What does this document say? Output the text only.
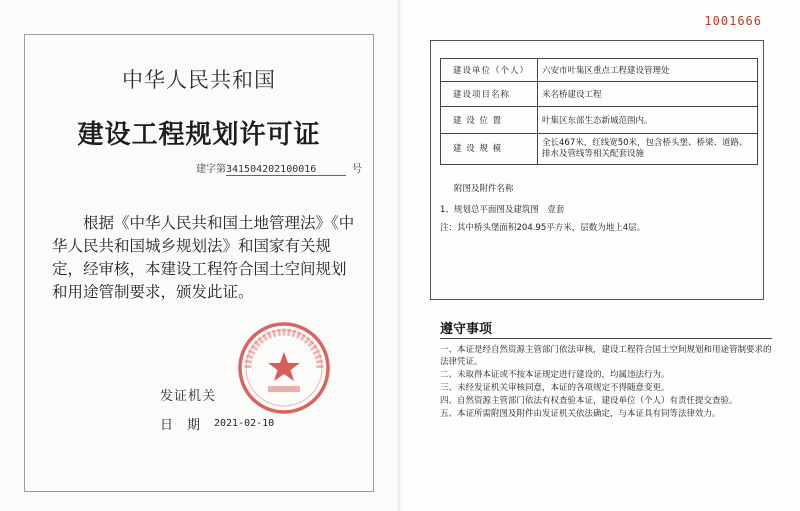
中华人民共和国
建设工程规划许可证
建字第341504202100016	号
根据《中华人民共和国土地管理法》《中华人民共和国城乡规划法》和国家有关规定，经审核，本建设工程符合国土空间规划和用途管制要求，颁发此证。
发证机关
日期 2021-02-10
1001666
建设单位（个人）	六安市叶集区重点工程建设管理处
建设项目名称	米名桥建设工程
建 设 位 置	叶集区东部生态新城范围内。
建 设 规 模	全长467米，红线宽50米，包含桥头堡、桥梁、道路、排水及管线等相关配套设施
附图及附件名称
1、规划总平面图及建筑图　壹套
注：其中桥头堡面积204.95平方米，层数为地上4层。
遵守事项
一、本证是经自然资源主管部门依法审核，建设工程符合国土空间规划和用途管制要求的法律凭证。
二、未取得本证或不按本证规定进行建设的，均属违法行为。
三、未经发证机关审核同意，本证的各项规定不得随意变更。
四、自然资源主管部门依法有权查验本证，建设单位（个人）有责任提交查验。
五、本证所需附图及附件由发证机关依法确定，与本证具有同等法律效力。
